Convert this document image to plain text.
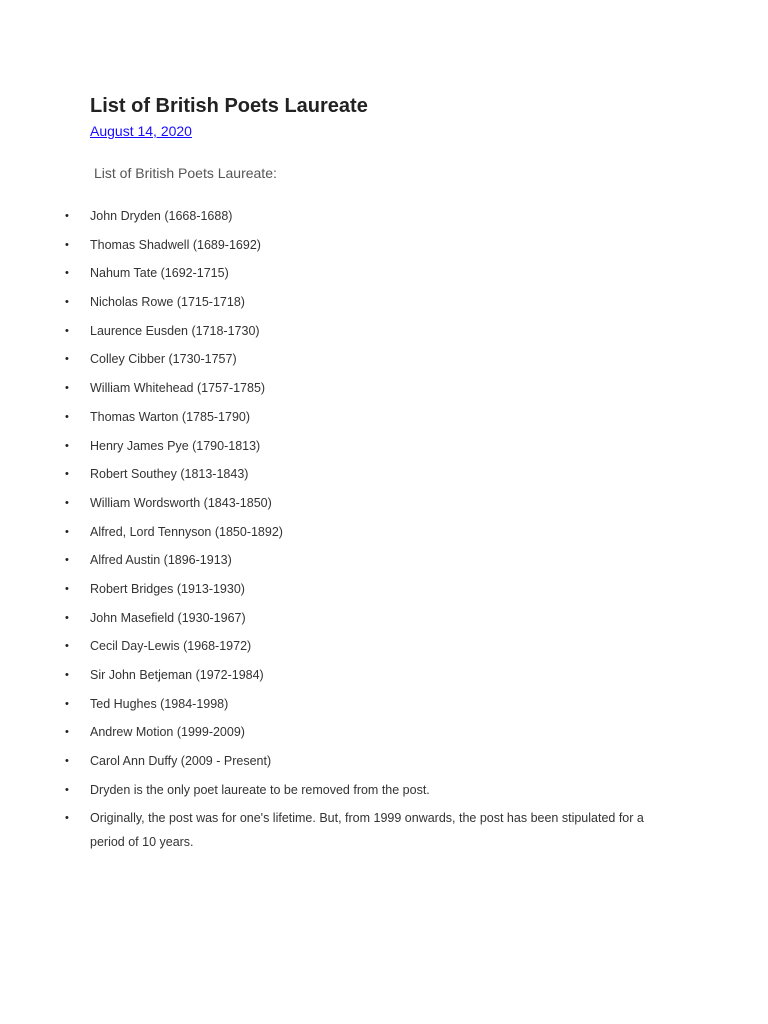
List of British Poets Laureate
August 14, 2020
List of British Poets Laureate:
• John Dryden (1668-1688)
• Thomas Shadwell (1689-1692)
• Nahum Tate (1692-1715)
• Nicholas Rowe (1715-1718)
• Laurence Eusden (1718-1730)
• Colley Cibber (1730-1757)
• William Whitehead (1757-1785)
• Thomas Warton (1785-1790)
• Henry James Pye (1790-1813)
• Robert Southey (1813-1843)
• William Wordsworth (1843-1850)
• Alfred, Lord Tennyson (1850-1892)
• Alfred Austin (1896-1913)
• Robert Bridges (1913-1930)
• John Masefield (1930-1967)
• Cecil Day-Lewis (1968-1972)
• Sir John Betjeman (1972-1984)
• Ted Hughes (1984-1998)
• Andrew Motion (1999-2009)
• Carol Ann Duffy (2009 - Present)
• Dryden is the only poet laureate to be removed from the post.
• Originally, the post was for one's lifetime. But, from 1999 onwards, the post has been stipulated for a period of 10 years.
